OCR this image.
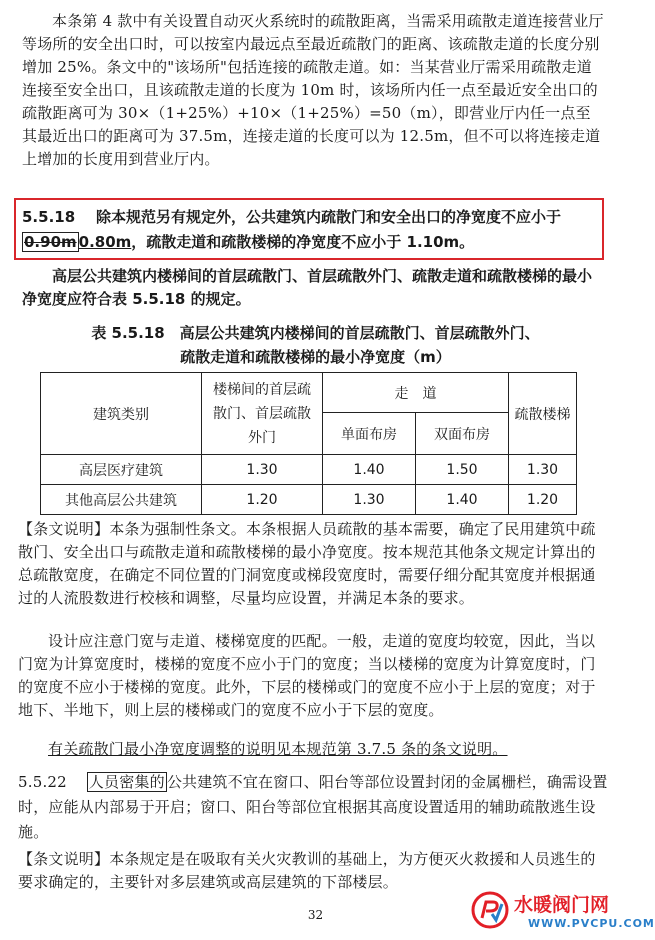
本条第 4 款中有关设置自动灭火系统时的疏散距离，当需采用疏散走道连接营业厅等场所的安全出口时，可以按室内最远点至最近疏散门的距离、该疏散走道的长度分别增加 25%。条文中的"该场所"包括连接的疏散走道。如：当某营业厅需采用疏散走道连接至安全出口，且该疏散走道的长度为 10m 时，该场所内任一点至最近安全出口的疏散距离可为 30×（1+25%）+10×（1+25%）=50（m），即营业厅内任一点至其最近出口的距离可为 37.5m，连接走道的长度可以为 12.5m，但不可以将连接走道上增加的长度用到营业厅内。

5.5.18 除本规范另有规定外，公共建筑内疏散门和安全出口的净宽度不应小于0.90m 0.80m，疏散走道和疏散楼梯的净宽度不应小于 1.10m。

高层公共建筑内楼梯间的首层疏散门、首层疏散外门、疏散走道和疏散楼梯的最小净宽度应符合表 5.5.18 的规定。

表 5.5.18　高层公共建筑内楼梯间的首层疏散门、首层疏散外门、
疏散走道和疏散楼梯的最小净宽度（m）
建筑类别	楼梯间的首层疏散门、首层疏散外门	走　道		疏散楼梯
		单面布房	双面布房	
高层医疗建筑	1.30	1.40	1.50	1.30
其他高层公共建筑	1.20	1.30	1.40	1.20

【条文说明】本条为强制性条文。本条根据人员疏散的基本需要，确定了民用建筑中疏散门、安全出口与疏散走道和疏散楼梯的最小净宽度。按本规范其他条文规定计算出的总疏散宽度，在确定不同位置的门洞宽度或梯段宽度时，需要仔细分配其宽度并根据通过的人流股数进行校核和调整，尽量均应设置，并满足本条的要求。

设计应注意门宽与走道、楼梯宽度的匹配。一般，走道的宽度均较宽，因此，当以门宽为计算宽度时，楼梯的宽度不应小于门的宽度；当以楼梯的宽度为计算宽度时，门的宽度不应小于楼梯的宽度。此外，下层的楼梯或门的宽度不应小于上层的宽度；对于地下、半地下，则上层的楼梯或门的宽度不应小于下层的宽度。

有关疏散门最小净宽度调整的说明见本规范第 3.7.5 条的条文说明。

5.5.22 人员密集的 公共建筑不宜在窗口、阳台等部位设置封闭的金属栅栏，确需设置时，应能从内部易于开启；窗口、阳台等部位宜根据其高度设置适用的辅助疏散逃生设施。

【条文说明】本条规定是在吸取有关火灾教训的基础上，为方便灭火救援和人员逃生的要求确定的，主要针对多层建筑或高层建筑的下部楼层。

32	水暖阀门网
WWW.PVCPU.COM
